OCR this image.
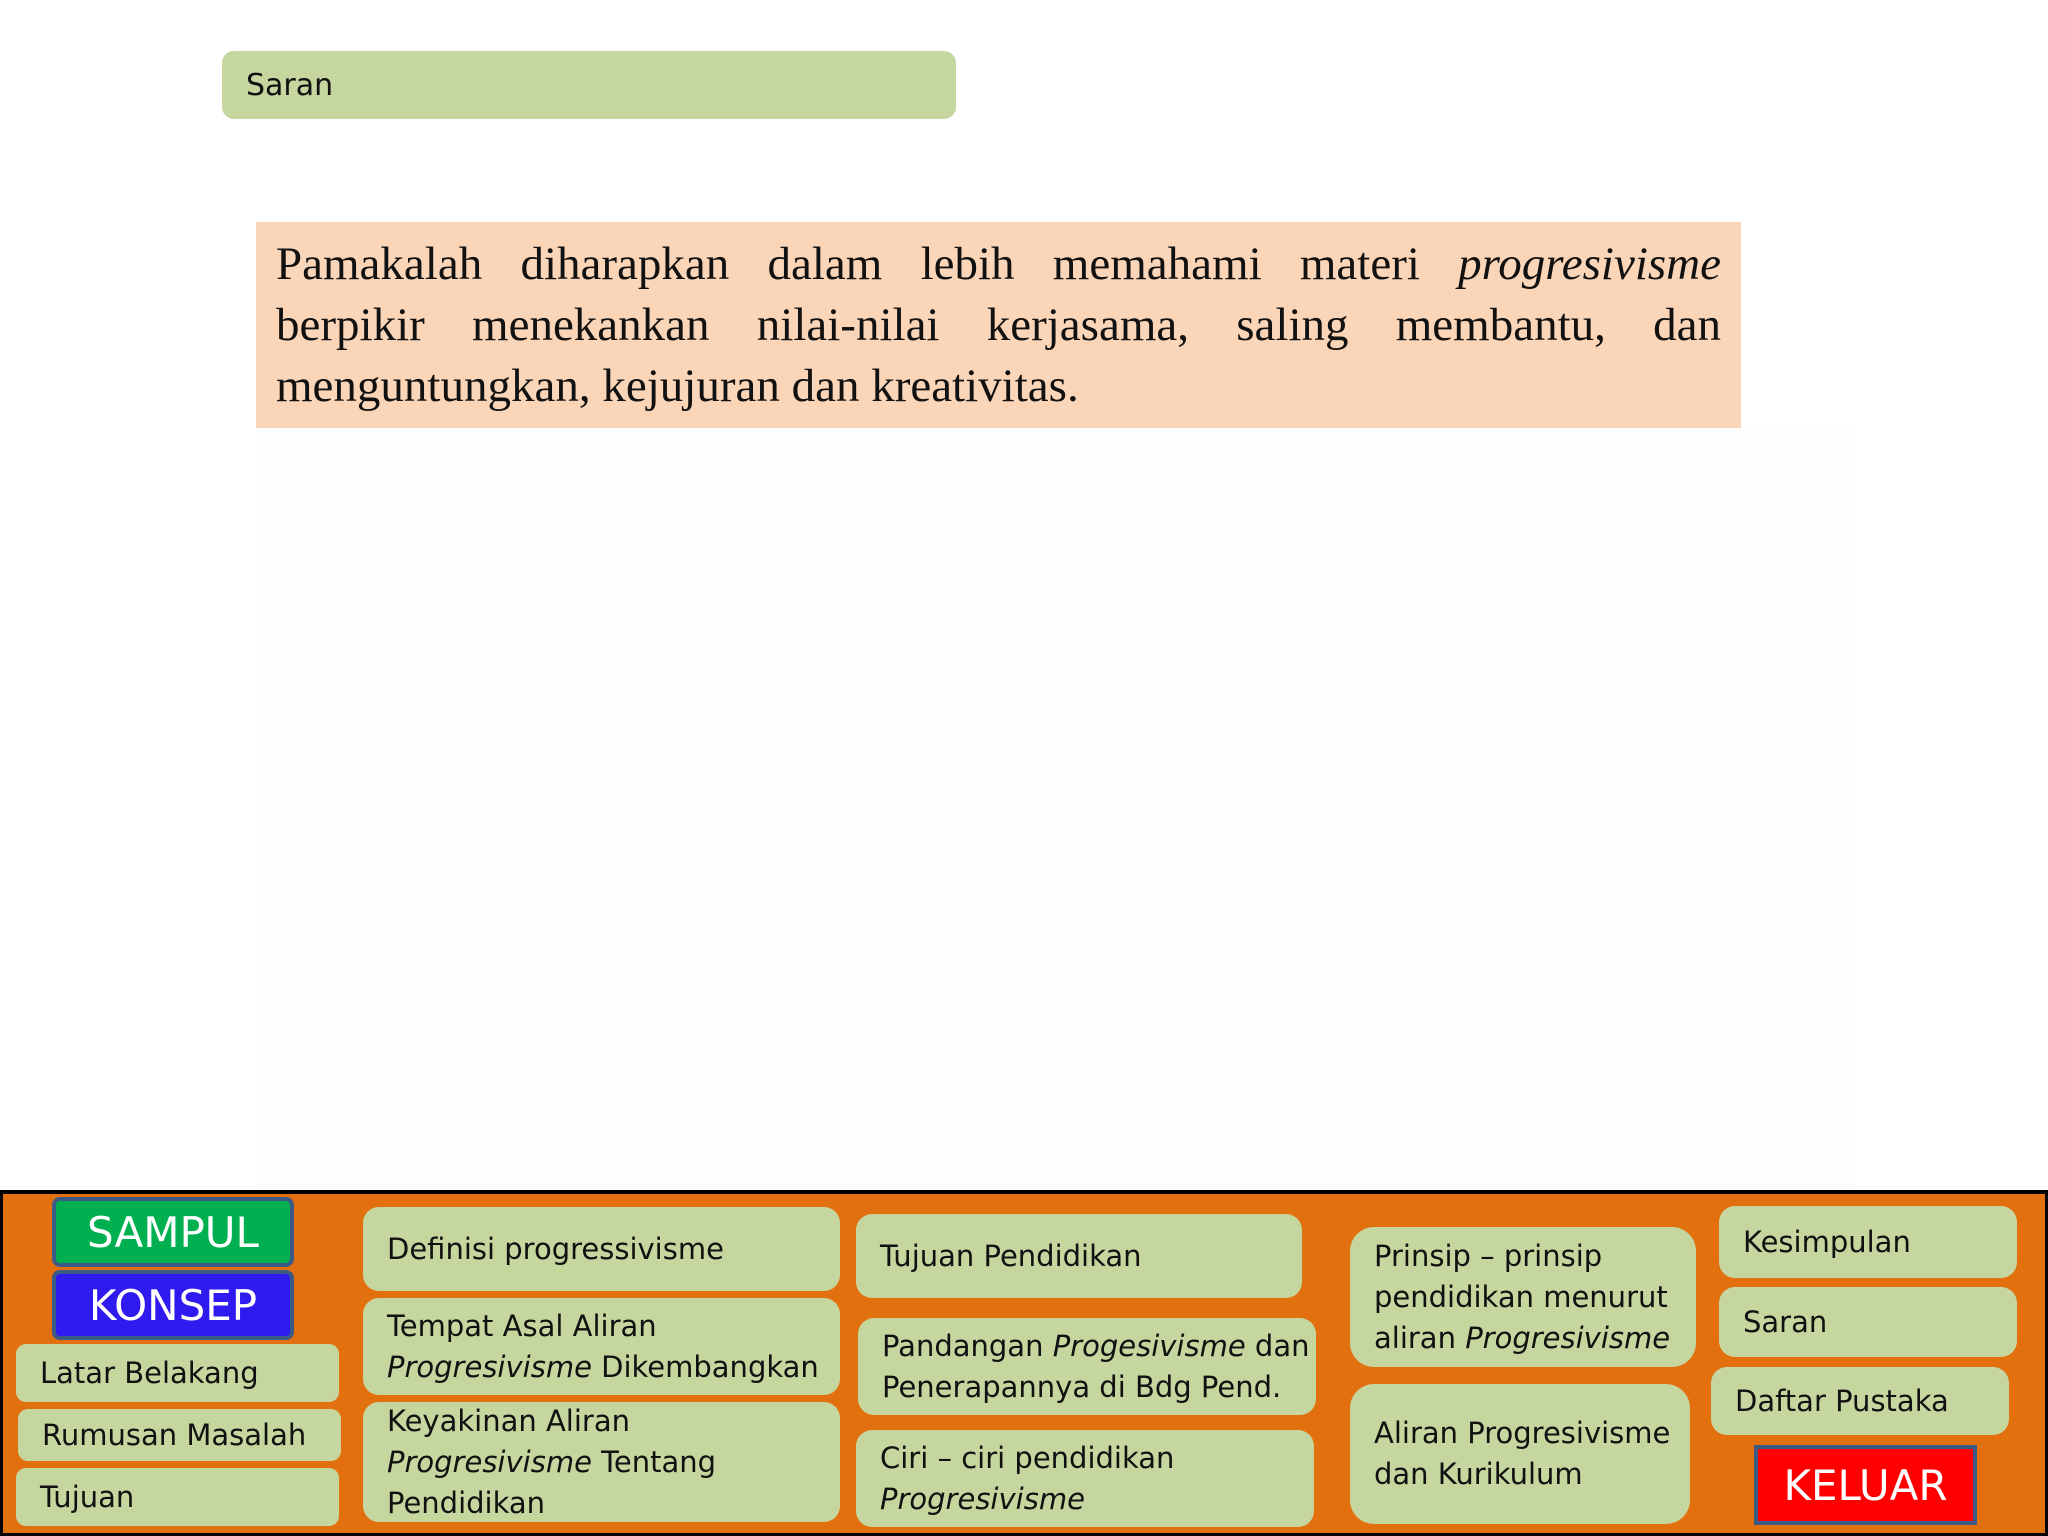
Saran
Pamakalah diharapkan dalam lebih memahami materi progresivisme berpikir menekankan nilai-nilai kerjasama, saling membantu, dan menguntungkan, kejujuran dan kreativitas.
SAMPUL
KONSEP
Latar Belakang
Rumusan Masalah
Tujuan
Definisi progressivisme
Tempat Asal Aliran
Progresivisme Dikembangkan
Keyakinan Aliran
Progresivisme Tentang
Pendidikan
Tujuan Pendidikan
Pandangan Progesivisme dan
Penerapannya di Bdg Pend.
Ciri – ciri pendidikan
Progresivisme
Prinsip – prinsip
pendidikan menurut
aliran Progresivisme
Aliran Progresivisme
dan Kurikulum
Kesimpulan
Saran
Daftar Pustaka
KELUAR
